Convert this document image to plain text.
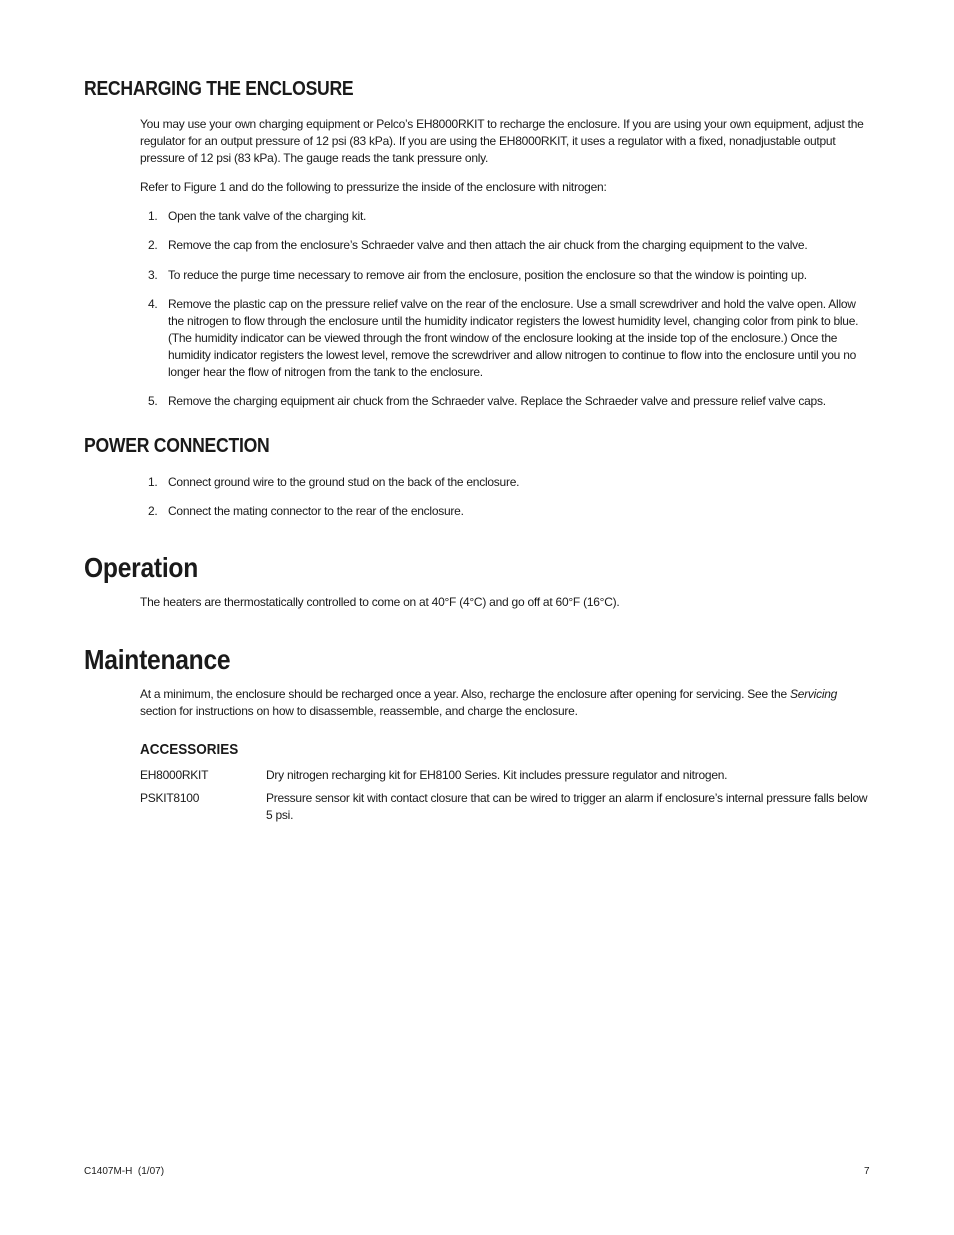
RECHARGING THE ENCLOSURE

You may use your own charging equipment or Pelco’s EH8000RKIT to recharge the enclosure. If you are using your own equipment, adjust the regulator for an output pressure of 12 psi (83 kPa). If you are using the EH8000RKIT, it uses a regulator with a fixed, nonadjustable output pressure of 12 psi (83 kPa). The gauge reads the tank pressure only.

Refer to Figure 1 and do the following to pressurize the inside of the enclosure with nitrogen:

1. Open the tank valve of the charging kit.
2. Remove the cap from the enclosure’s Schraeder valve and then attach the air chuck from the charging equipment to the valve.
3. To reduce the purge time necessary to remove air from the enclosure, position the enclosure so that the window is pointing up.
4. Remove the plastic cap on the pressure relief valve on the rear of the enclosure. Use a small screwdriver and hold the valve open. Allow the nitrogen to flow through the enclosure until the humidity indicator registers the lowest humidity level, changing color from pink to blue. (The humidity indicator can be viewed through the front window of the enclosure looking at the inside top of the enclosure.) Once the humidity indicator registers the lowest level, remove the screwdriver and allow nitrogen to continue to flow into the enclosure until you no longer hear the flow of nitrogen from the tank to the enclosure.
5. Remove the charging equipment air chuck from the Schraeder valve. Replace the Schraeder valve and pressure relief valve caps.
POWER CONNECTION
1. Connect ground wire to the ground stud on the back of the enclosure.
2. Connect the mating connector to the rear of the enclosure.
Operation

The heaters are thermostatically controlled to come on at 40°F (4°C) and go off at 60°F (16°C).

Maintenance

At a minimum, the enclosure should be recharged once a year. Also, recharge the enclosure after opening for servicing. See the Servicing section for instructions on how to disassemble, reassemble, and charge the enclosure.

ACCESSORIES
EH8000RKIT	Dry nitrogen recharging kit for EH8100 Series. Kit includes pressure regulator and nitrogen.
PSKIT8100	Pressure sensor kit with contact closure that can be wired to trigger an alarm if enclosure’s internal pressure falls below 5 psi.
C1407M-H  (1/07)	7
